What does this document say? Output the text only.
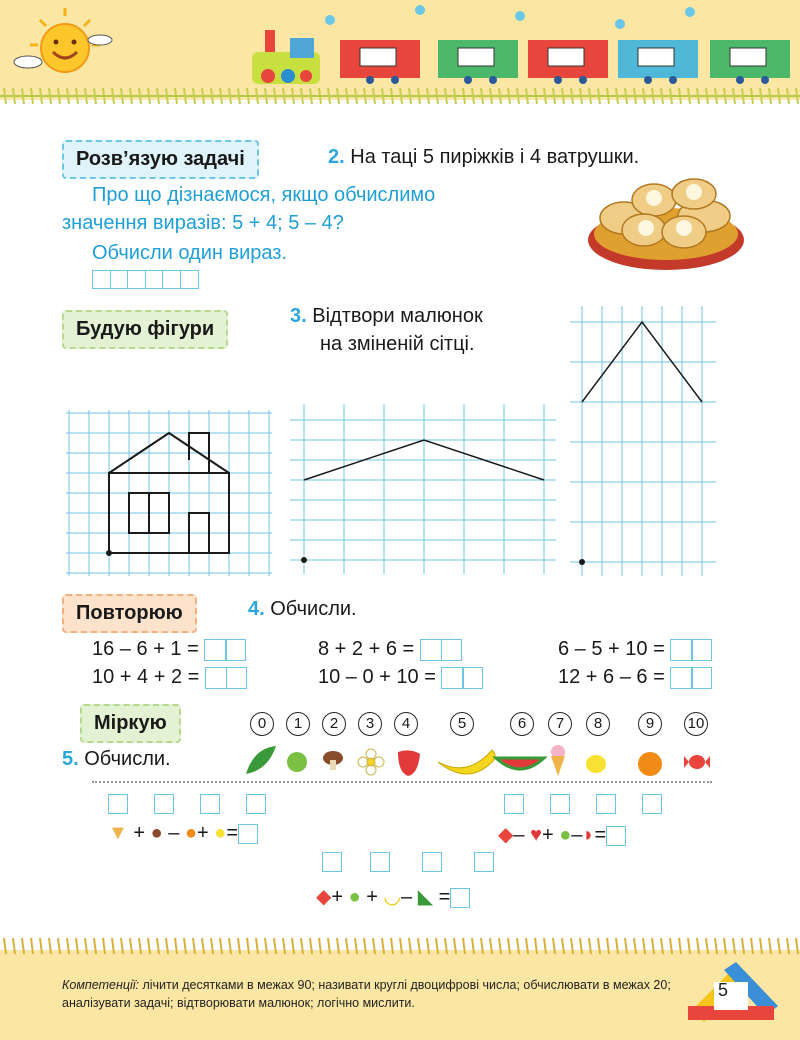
Розв’язую задачі	2. На таці 5 пиріжків і 4 ватрушки.
Про що дізнаємося, якщо обчислимо
значення виразів: 5 + 4; 5 – 4?
Обчисли один вираз.
Будую фігури
3. Відтвори малюнок
на зміненій сітці.
Повторюю	4. Обчисли.
16 – 6 + 1 =	8 + 2 + 6 =	6 – 5 + 10 =
10 + 4 + 2 =	10 – 0 + 10 =	12 + 6 – 6 =
Міркую
5. Обчисли.
0	1	2	3	4	5	6	7	8	9	10
▼ + ● – ●+ ●=	◆– ♥+ ●–◗=
◆+ ● + ◡– ◣ =
Компетенції: лічити десятками в межах 90; називати круглі двоцифрові числа; обчислювати в межах 20; аналізувати задачі; відтворювати малюнок; логічно мислити.
5
